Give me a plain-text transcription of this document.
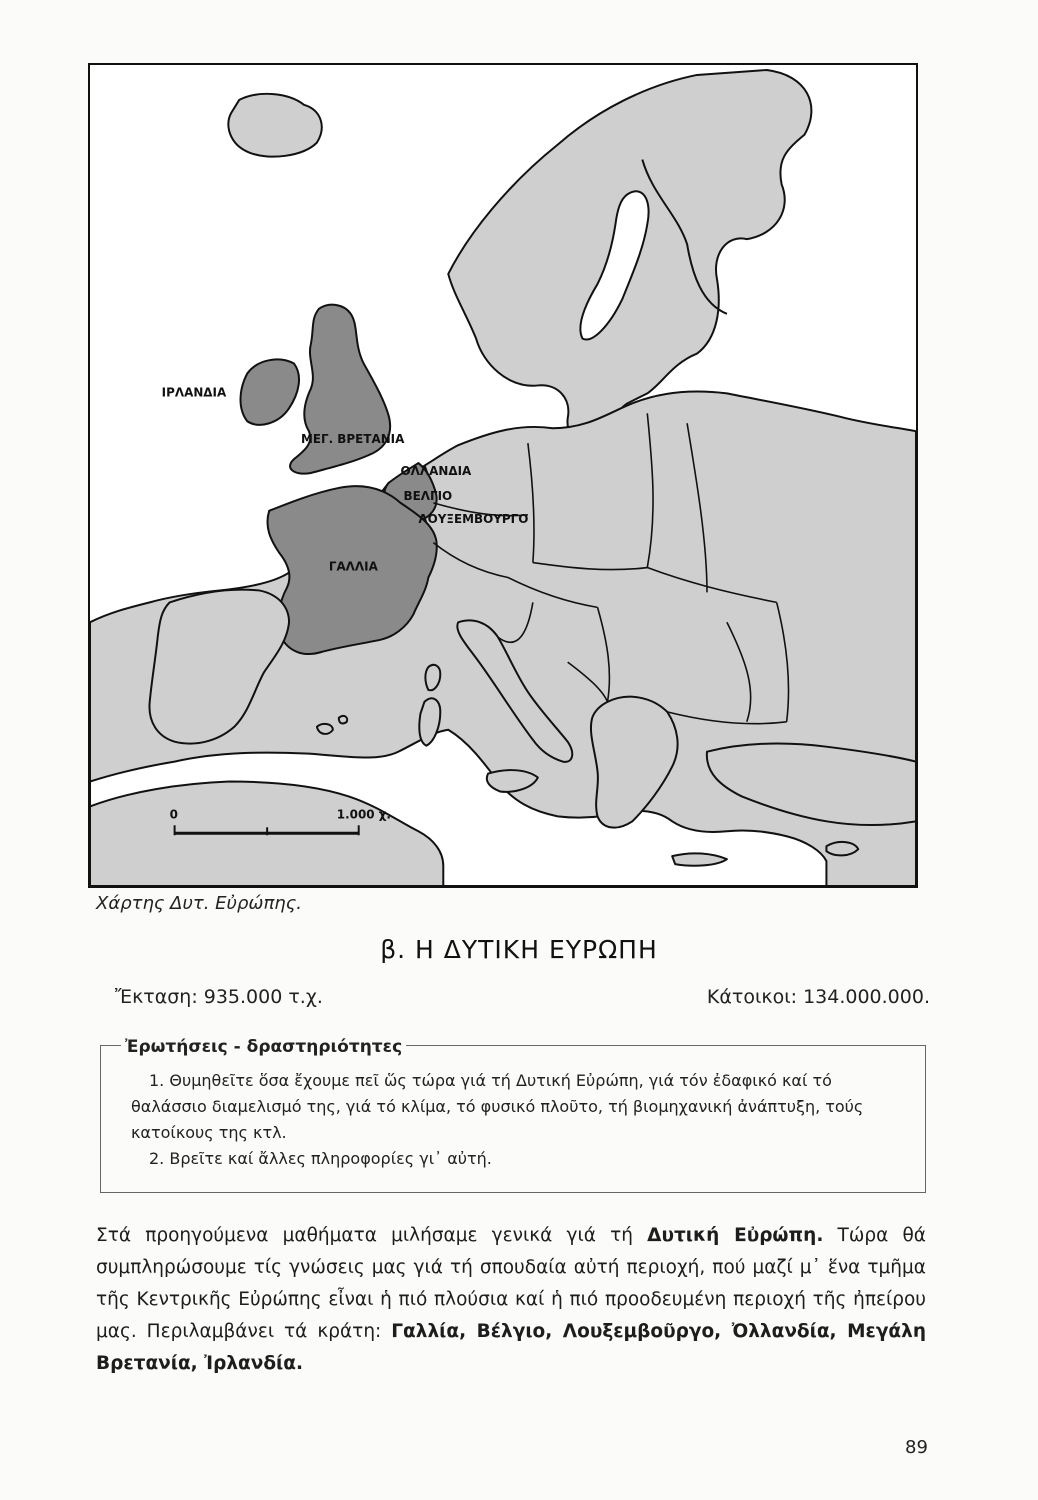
ΙΡΛΑΝΔΙΑ
ΜΕΓ. ΒΡΕΤΑΝΙΑ
ΟΛΛΑΝΔΙΑ
ΒΕΛΓΙΟ
ΛΟΥΞΕΜΒΟΥΡΓΟ
ΓΑΛΛΙΑ
0	1.000 χ.
Χάρτης Δυτ. Εὐρώπης.
β. Η ΔΥΤΙΚΗ ΕΥΡΩΠΗ
Ἔκταση: 935.000 τ.χ.	Κάτοικοι: 134.000.000.
Ἐρωτήσεις - δραστηριότητες

1. Θυμηθεῖτε ὅσα ἔχουμε πεῖ ὥς τώρα γιά τή Δυτική Εὐρώπη, γιά τόν ἐδαφικό καί τό θαλάσσιο διαμελισμό της, γιά τό κλίμα, τό φυσικό πλοῦτο, τή βιομηχανική ἀνάπτυξη, τούς κατοίκους της κτλ.

2. Βρεῖτε καί ἄλλες πληροφορίες γι᾿ αὐτή.

Στά προηγούμενα μαθήματα μιλήσαμε γενικά γιά τή Δυτική Εὐρώπη. Τώρα θά συμπληρώσουμε τίς γνώσεις μας γιά τή σπουδαία αὐτή περιοχή, πού μαζί μ᾿ ἕνα τμῆμα τῆς Κεντρικῆς Εὐρώπης εἶναι ἡ πιό πλούσια καί ἡ πιό προοδευμένη περιοχή τῆς ἠπείρου μας. Περιλαμβάνει τά κράτη: Γαλλία, Βέλγιο, Λουξεμβοῦργο, Ὀλλανδία, Μεγάλη Βρετανία, Ἰρλανδία.
89
